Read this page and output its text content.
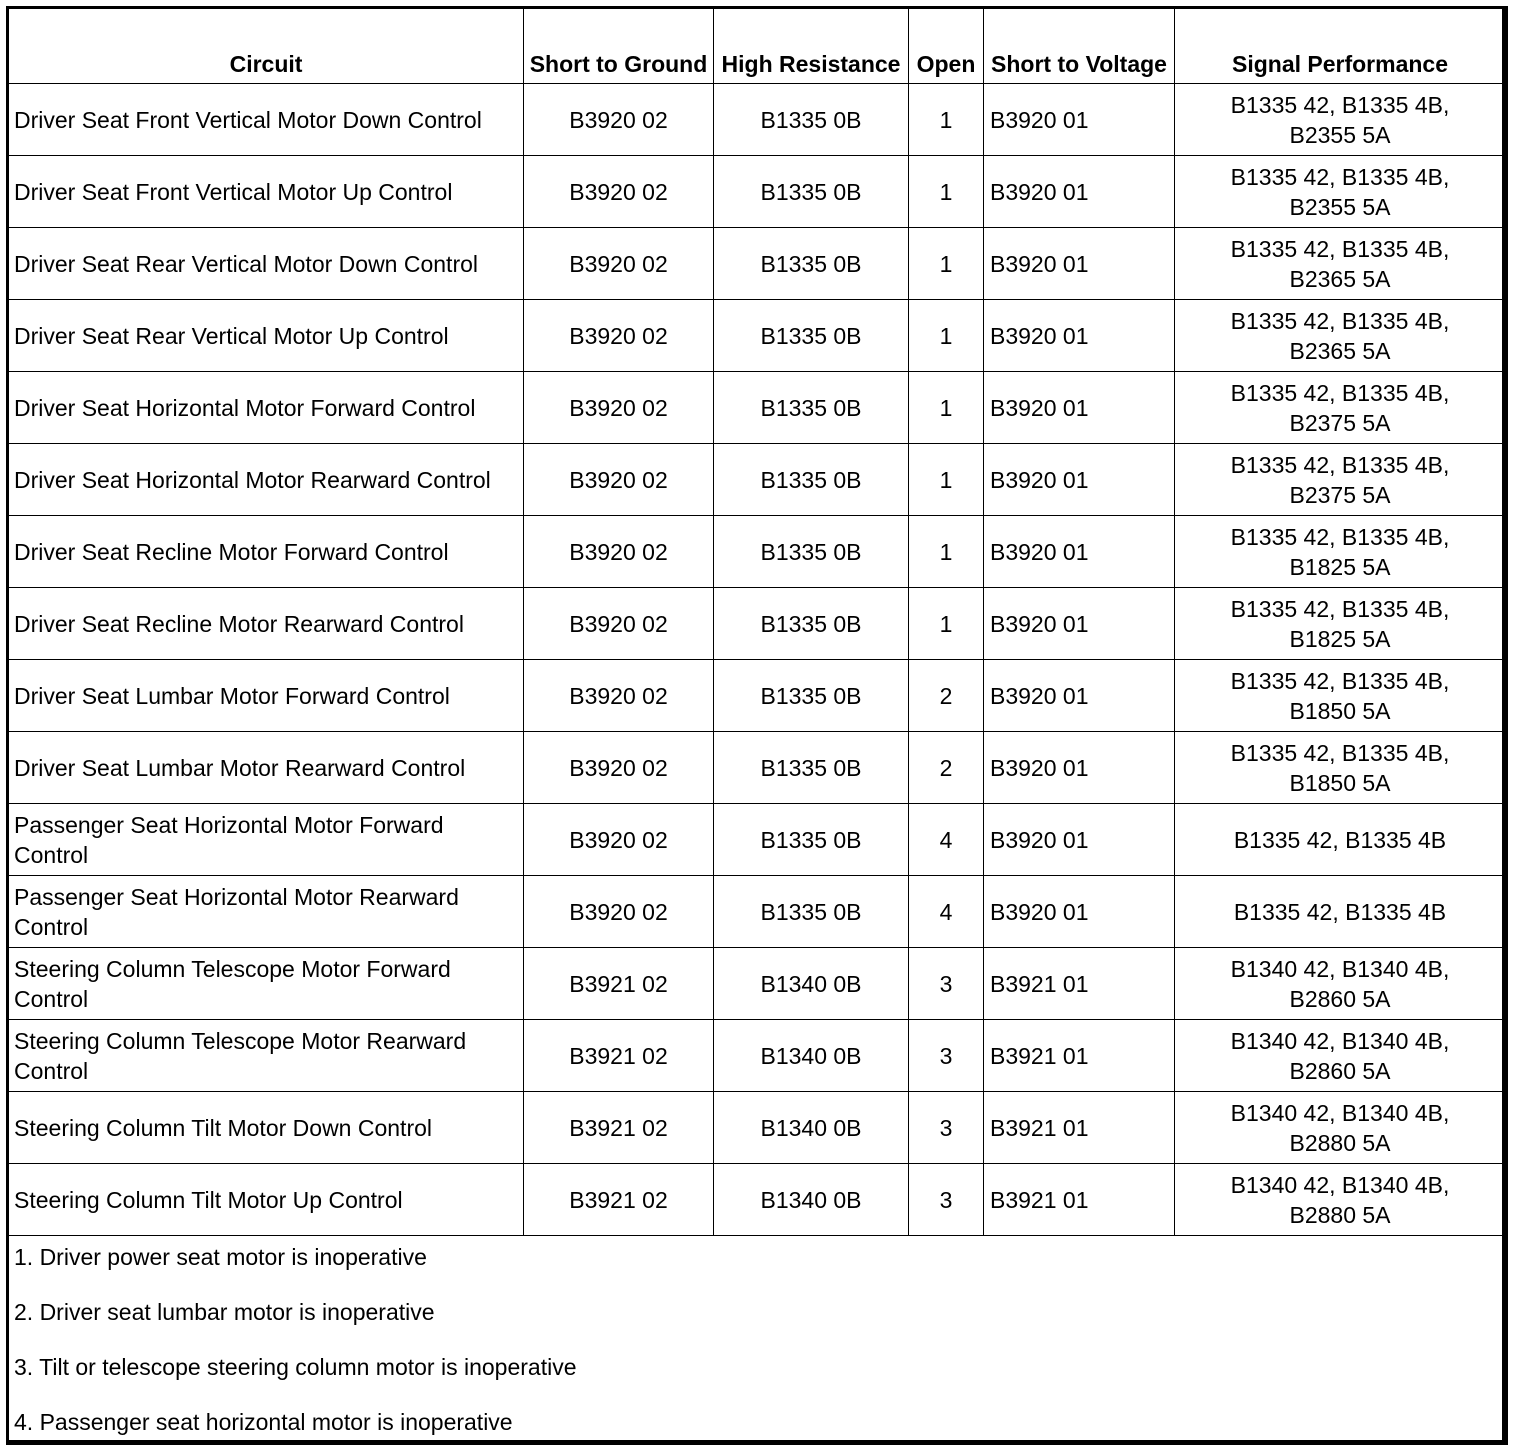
Circuit	Short to Ground	High Resistance	Open	Short to Voltage	Signal Performance
Driver Seat Front Vertical Motor Down Control	B3920 02	B1335 0B	1	B3920 01	B1335 42, B1335 4B, B2355 5A
Driver Seat Front Vertical Motor Up Control	B3920 02	B1335 0B	1	B3920 01	B1335 42, B1335 4B, B2355 5A
Driver Seat Rear Vertical Motor Down Control	B3920 02	B1335 0B	1	B3920 01	B1335 42, B1335 4B, B2365 5A
Driver Seat Rear Vertical Motor Up Control	B3920 02	B1335 0B	1	B3920 01	B1335 42, B1335 4B, B2365 5A
Driver Seat Horizontal Motor Forward Control	B3920 02	B1335 0B	1	B3920 01	B1335 42, B1335 4B, B2375 5A
Driver Seat Horizontal Motor Rearward Control	B3920 02	B1335 0B	1	B3920 01	B1335 42, B1335 4B, B2375 5A
Driver Seat Recline Motor Forward Control	B3920 02	B1335 0B	1	B3920 01	B1335 42, B1335 4B, B1825 5A
Driver Seat Recline Motor Rearward Control	B3920 02	B1335 0B	1	B3920 01	B1335 42, B1335 4B, B1825 5A
Driver Seat Lumbar Motor Forward Control	B3920 02	B1335 0B	2	B3920 01	B1335 42, B1335 4B, B1850 5A
Driver Seat Lumbar Motor Rearward Control	B3920 02	B1335 0B	2	B3920 01	B1335 42, B1335 4B, B1850 5A
Passenger Seat Horizontal Motor Forward Control	B3920 02	B1335 0B	4	B3920 01	B1335 42, B1335 4B
Passenger Seat Horizontal Motor Rearward Control	B3920 02	B1335 0B	4	B3920 01	B1335 42, B1335 4B
Steering Column Telescope Motor Forward Control	B3921 02	B1340 0B	3	B3921 01	B1340 42, B1340 4B, B2860 5A
Steering Column Telescope Motor Rearward Control	B3921 02	B1340 0B	3	B3921 01	B1340 42, B1340 4B, B2860 5A
Steering Column Tilt Motor Down Control	B3921 02	B1340 0B	3	B3921 01	B1340 42, B1340 4B, B2880 5A
Steering Column Tilt Motor Up Control	B3921 02	B1340 0B	3	B3921 01	B1340 42, B1340 4B, B2880 5A

1. Driver power seat motor is inoperative
2. Driver seat lumbar motor is inoperative
3. Tilt or telescope steering column motor is inoperative
4. Passenger seat horizontal motor is inoperative					
